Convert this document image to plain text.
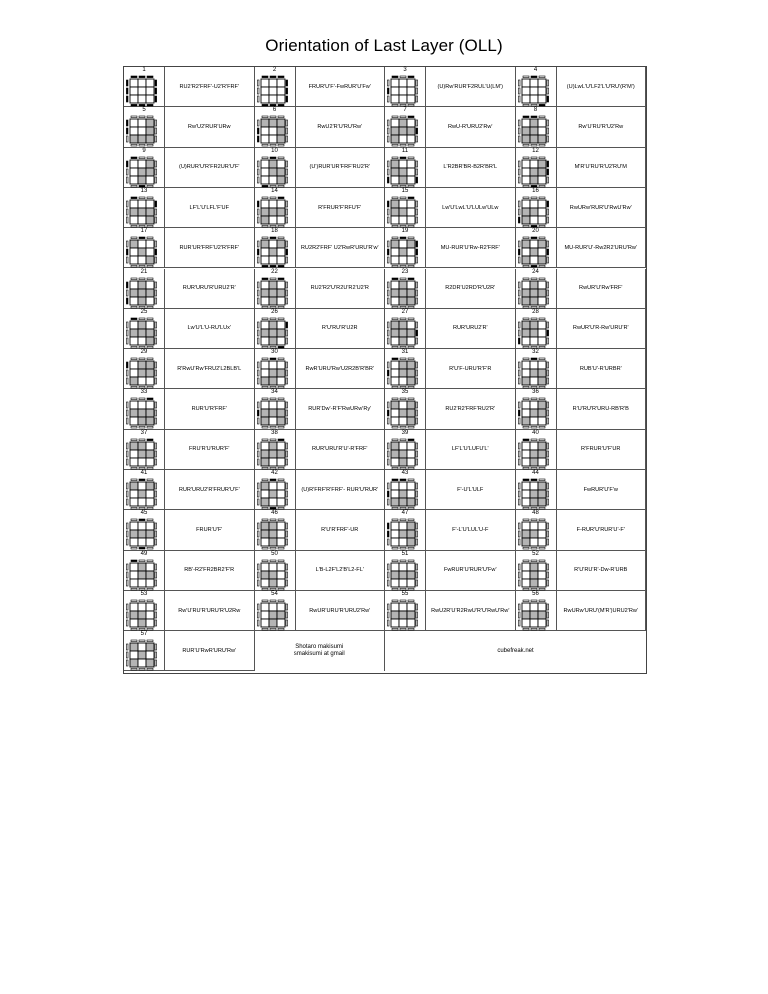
Orientation of Last Layer (OLL)
1
RU2'R2'FRF'-U2'R'FRF'
2
FRUR'U'F'-FwRUR'U'Fw'
3
(U)Rw'RUR'F2RUL'U(LM')
4
(U)LwL'U'LF2'L'U'RU'(R'M')
5
Rw'U2'RUR'URw
6
RwU2'R'U'RU'Rw'
7
RwU-R'URU2'Rw'
8
Rw'U'RU'R'U2'Rw
9
(U)RUR'U'R'FR2UR'U'F'
10
(U')RUR'UR'FRF'RU2'R'
11
L'R2BR'BR-B2R'BR'L
12
M'R'U'RU'R'U2'RU'M
13
LF'L'U'LFL'F'UF
14
R'FRUR'F'RFU'F'
15
Lw'U'LwL'U'LULw'ULw
16
RwURw'RUR'U'RwU'Rw'
17
RUR'UR'FRF'U2'R'FRF'
18
RU2R2'FRF' U2'RwR'URU'R'w'
19
MU-RUR'U'Rw-R2'FRF'
20
MU-RUR'U'-Rw2R2'URU'Rw'
21
RUR'URU'R'URU2'R'
22
RU2'R2'U'R2U'R2'U2'R
23
R2DR'U2RD'R'U2R'
24
RwUR'U'Rw'FRF'
25
Lw'U'L'U-RU'LUx'
26
R'U'RU'R'U2R
27
RUR'URU2'R'
28
RwUR'U'R-Rw'URU'R'
29
R'RwU'Rw'FRU2'L2BLB'L
30
RwR'URU'Rw'U2R2B'R'BR'
31
R'U'F-URU'R'F'R
32
RUB'U'-R'URBR'
33
RUR'U'R'FRF'
34
RUR'Dw'-R'F'RwURw'Ry'
35
RU2'R2'FRF'RU2'R'
36
R'U'RU'R'URU-RB'R'B
37
FRU'R'U'RUR'F'
38
RUR'URU'R'U'-R'FRF'
39
LF'L'U'LUFU'L'
40
R'FRUR'U'F'UR
41
RUR'URU2'R'FRUR'U'F'
42
(U)R'FRF'R'FRF'- RUR'U'RUR'
43
F'-U'L'ULF
44
FwRUR'U'F'w
45
FRUR'U'F'
46
R'U'R'FRF'-UR
47
F'-L'U'LUL'U-F
48
F-RUR'U'RUR'U'-F'
49
RB'-R2'FR2BR2'F'R
50
L'B-L2F'L2'B'L2-FL'
51
FwRUR'U'RUR'U'Fw'
52
R'U'RU'R'-Dw-R'URB
53
Rw'U'RU'R'URU'R'U2Rw
54
RwUR'URU'R'URU2'Rw'
55
RwU2R'U'R2RwU'R'U'RwU'Rw'
56
RwURw'URU'(M'R')URU2'Rw'
57
RUR'U'RwR'URU'Rw'
Shotaro makisumi
smakisumi at gmail
cubefreak.net
